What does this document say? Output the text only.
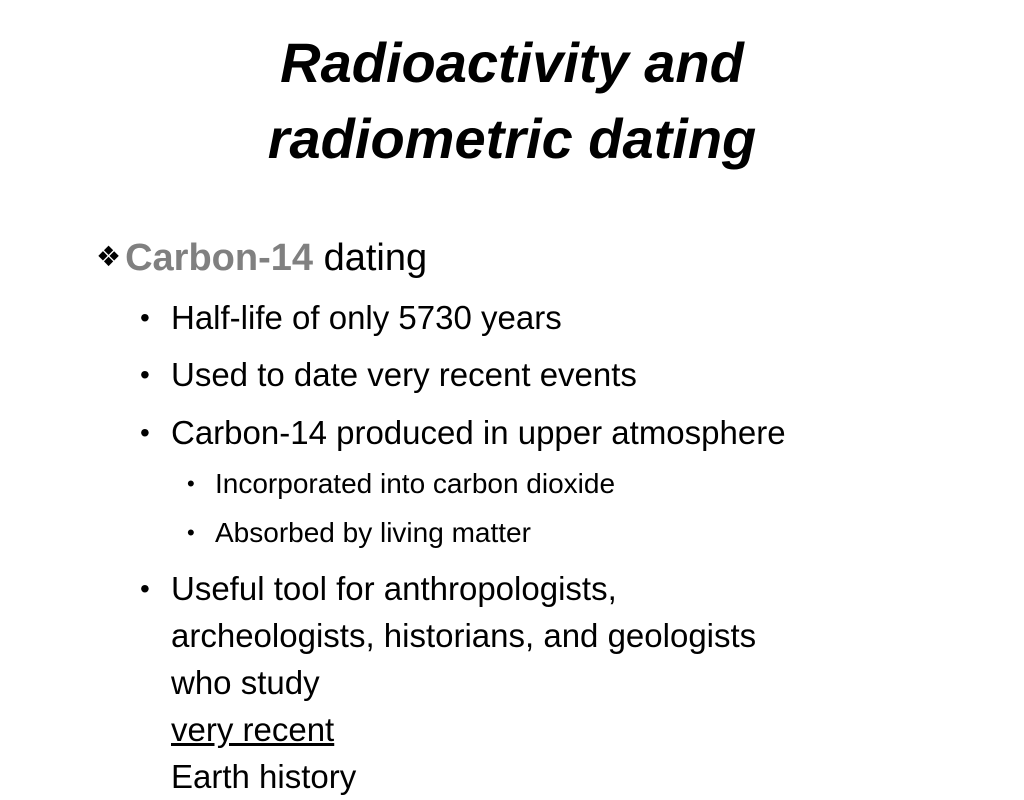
Radioactivity and
radiometric dating
❖ Carbon-14 dating
• Half-life of only 5730 years
• Used to date very recent events
• Carbon-14 produced in upper atmosphere
• Incorporated into carbon dioxide
• Absorbed by living matter
• Useful tool for anthropologists,
archeologists, historians, and geologists
who study
very recent
Earth history
